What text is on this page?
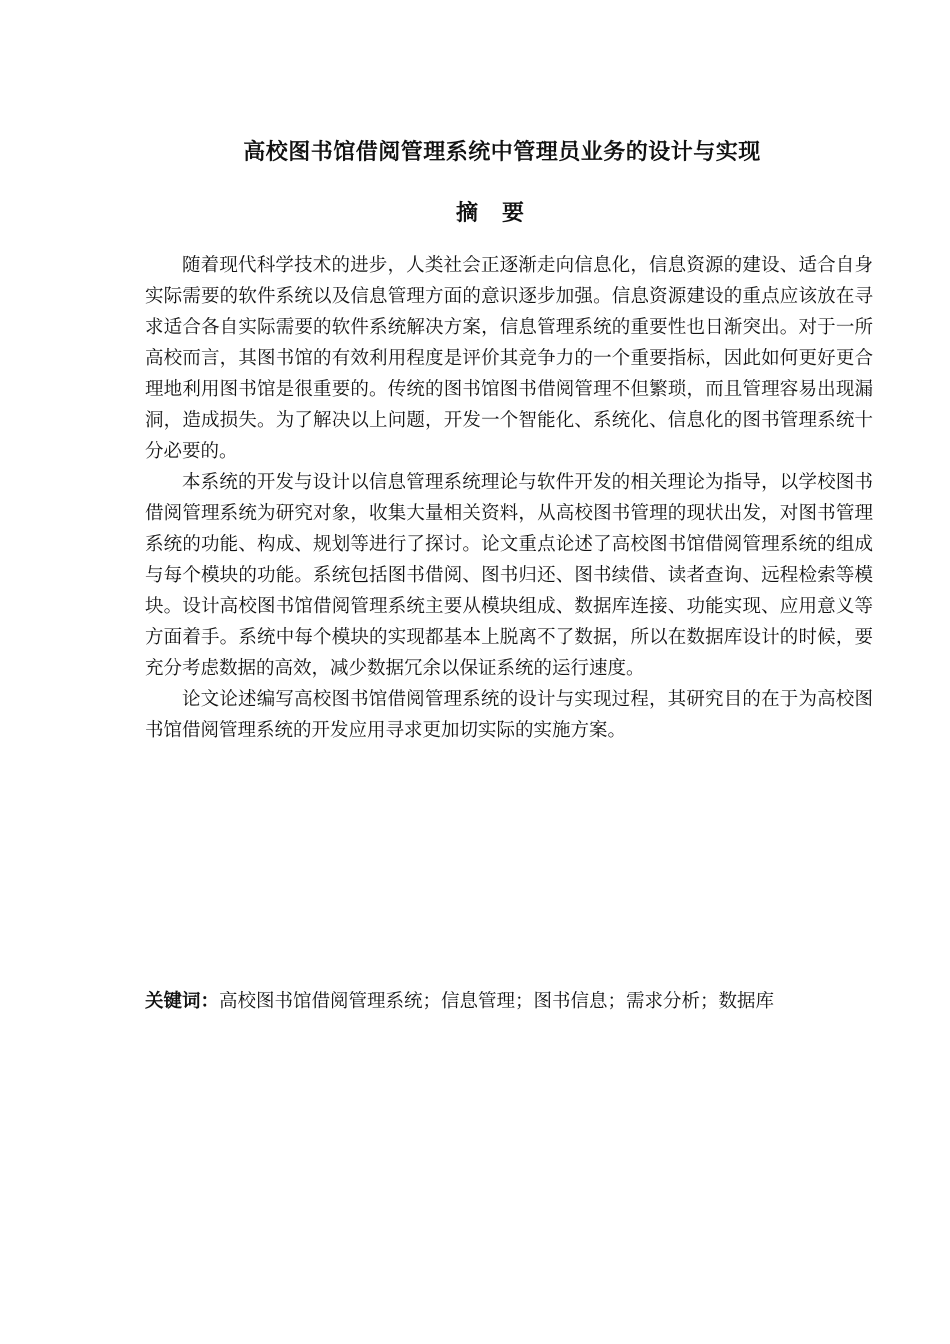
高校图书馆借阅管理系统中管理员业务的设计与实现
摘要

随着现代科学技术的进步，人类社会正逐渐走向信息化，信息资源的建设、适合自身实际需要的软件系统以及信息管理方面的意识逐步加强。信息资源建设的重点应该放在寻求适合各自实际需要的软件系统解决方案，信息管理系统的重要性也日渐突出。对于一所高校而言，其图书馆的有效利用程度是评价其竞争力的一个重要指标，因此如何更好更合理地利用图书馆是很重要的。传统的图书馆图书借阅管理不但繁琐，而且管理容易出现漏洞，造成损失。为了解决以上问题，开发一个智能化、系统化、信息化的图书管理系统十分必要的。

本系统的开发与设计以信息管理系统理论与软件开发的相关理论为指导，以学校图书借阅管理系统为研究对象，收集大量相关资料，从高校图书管理的现状出发，对图书管理系统的功能、构成、规划等进行了探讨。论文重点论述了高校图书馆借阅管理系统的组成与每个模块的功能。系统包括图书借阅、图书归还、图书续借、读者查询、远程检索等模块。设计高校图书馆借阅管理系统主要从模块组成、数据库连接、功能实现、应用意义等方面着手。系统中每个模块的实现都基本上脱离不了数据，所以在数据库设计的时候，要充分考虑数据的高效，减少数据冗余以保证系统的运行速度。

论文论述编写高校图书馆借阅管理系统的设计与实现过程，其研究目的在于为高校图书馆借阅管理系统的开发应用寻求更加切实际的实施方案。

关键词：高校图书馆借阅管理系统；信息管理；图书信息；需求分析；数据库
